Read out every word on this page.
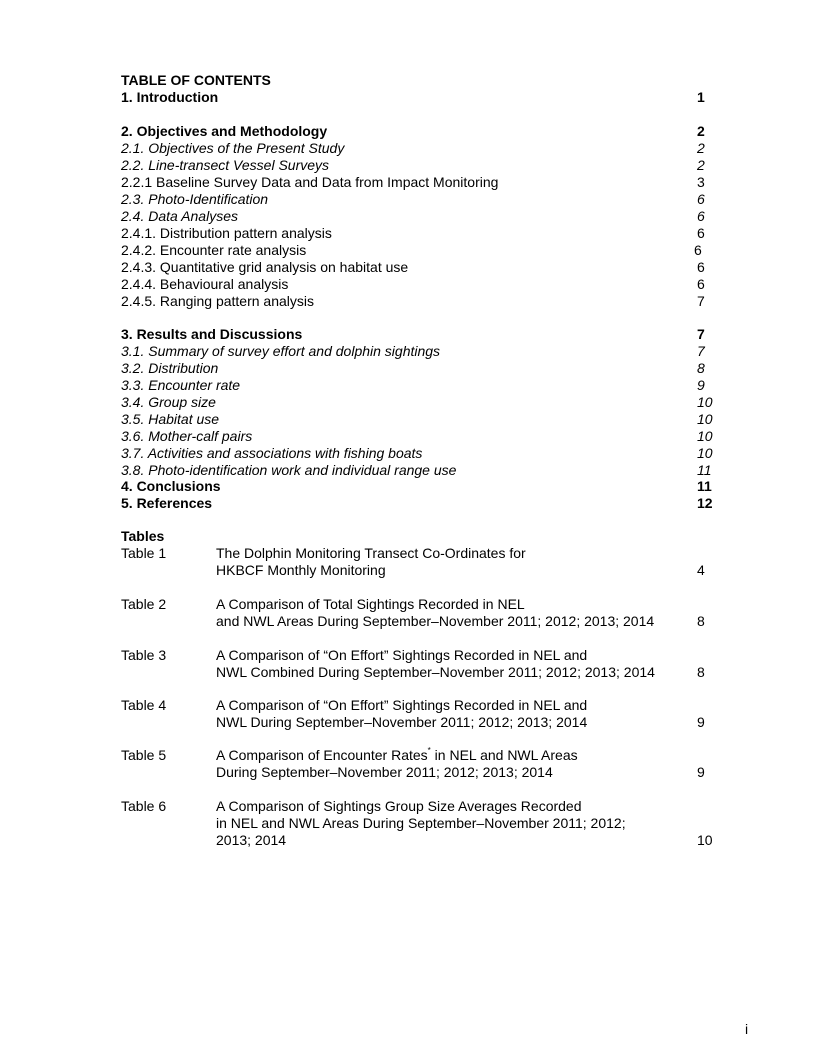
TABLE OF CONTENTS
1. Introduction	1
2. Objectives and Methodology	2
2.1. Objectives of the Present Study	2
2.2. Line-transect Vessel Surveys	2
2.2.1 Baseline Survey Data and Data from Impact Monitoring	3
2.3. Photo-Identification	6
2.4. Data Analyses	6
2.4.1. Distribution pattern analysis	6
2.4.2. Encounter rate analysis	6
2.4.3. Quantitative grid analysis on habitat use	6
2.4.4. Behavioural analysis	6
2.4.5. Ranging pattern analysis	7
3. Results and Discussions	7
3.1. Summary of survey effort and dolphin sightings	7
3.2. Distribution	8
3.3. Encounter rate	9
3.4. Group size	10
3.5. Habitat use	10
3.6. Mother-calf pairs	10
3.7. Activities and associations with fishing boats	10
3.8. Photo-identification work and individual range use	11
4. Conclusions	11
5. References	12
Tables
Table 1	The Dolphin Monitoring Transect Co-Ordinates for
HKBCF Monthly Monitoring	4
Table 2	A Comparison of Total Sightings Recorded in NEL
and NWL Areas During September–November 2011; 2012; 2013; 2014	8
Table 3	A Comparison of “On Effort” Sightings Recorded in NEL and
NWL Combined During September–November 2011; 2012; 2013; 2014	8
Table 4	A Comparison of “On Effort” Sightings Recorded in NEL and
NWL During September–November 2011; 2012; 2013; 2014	9
Table 5	A Comparison of Encounter Rates* in NEL and NWL Areas
During September–November 2011; 2012; 2013; 2014	9
Table 6	A Comparison of Sightings Group Size Averages Recorded
in NEL and NWL Areas During September–November 2011; 2012;
2013; 2014	10
i
